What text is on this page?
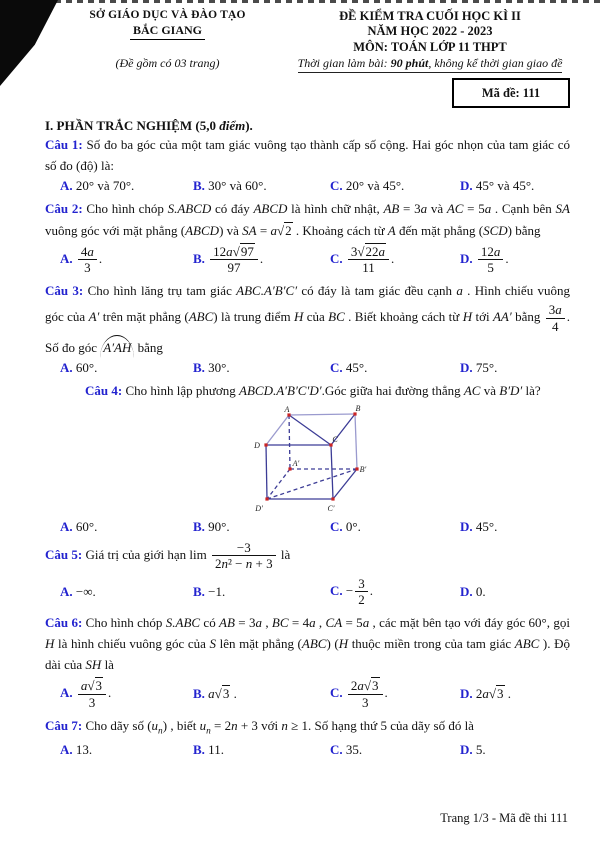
SỞ GIÁO DỤC VÀ ĐÀO TẠO
BẮC GIANG
(Đề gồm có 03 trang)
ĐỀ KIỂM TRA CUỐI HỌC KÌ II
NĂM HỌC 2022 - 2023
MÔN: TOÁN LỚP 11 THPT
Thời gian làm bài: 90 phút, không kể thời gian giao đề
Mã đề: 111
I. PHẦN TRẮC NGHIỆM (5,0 điểm).
Câu 1: Số đo ba góc của một tam giác vuông tạo thành cấp số cộng. Hai góc nhọn của tam giác có số đo (độ) là:
A. 20° và 70°.	B. 30° và 60°.	C. 20° và 45°.	D. 45° và 45°.
Câu 2: Cho hình chóp S.ABCD có đáy ABCD là hình chữ nhật, AB = 3a và AC = 5a . Cạnh bên SA vuông góc với mặt phẳng (ABCD) và SA = a√2 . Khoảng cách từ A đến mặt phẳng (SCD) bằng
A. $\frac{4a}{3}$ .	B. $\frac{12a√97}{97}$ .	C. $\frac{3√22a}{11}$ .	D. $\frac{12a}{5}$ .
Câu 3: Cho hình lăng trụ tam giác ABC.A′B′C′ có đáy là tam giác đều cạnh a . Hình chiếu vuông góc của A′ trên mặt phẳng (ABC) là trung điểm H của BC . Biết khoảng cách từ H tới AA′ bằng $\frac{3a}{4}$ . Số đo góc A′AH bằng
A. 60°.	B. 30°.	C. 45°.	D. 75°.
Câu 4: Cho hình lập phương ABCD.A′B′C′D′.Góc giữa hai đường thẳng AC và B′D′ là?
A	B
C
D
A′
B′
C′
D′
A. 60°.	B. 90°.	C. 0°.	D. 45°.
Câu 5: Giá trị của giới hạn $\lim \frac{-3}{\text{2n² − n + 3}}$ là
A. −∞.	B. −1.	C. − $\frac{3}{2}$ .	D. 0.
Câu 6: Cho hình chóp S.ABC có AB = 3a , BC = 4a , CA = 5a , các mặt bên tạo với đáy góc 60°, gọi H là hình chiếu vuông góc của S lên mặt phẳng (ABC) (H thuộc miền trong của tam giác ABC ). Độ dài của SH là
A. $\frac{a√3}{3}$ .	B. a√3 .	C. $\frac{2a√3}{3}$ .	D. 2a√3 .
Câu 7: Cho dãy số $(u_n)$ , biết $u_n = 2n + 3$ với n ≥ 1. Số hạng thứ 5 của dãy số đó là
A. 13.	B. 11.	C. 35.	D. 5.
Trang 1/3 - Mã đề thi 111
